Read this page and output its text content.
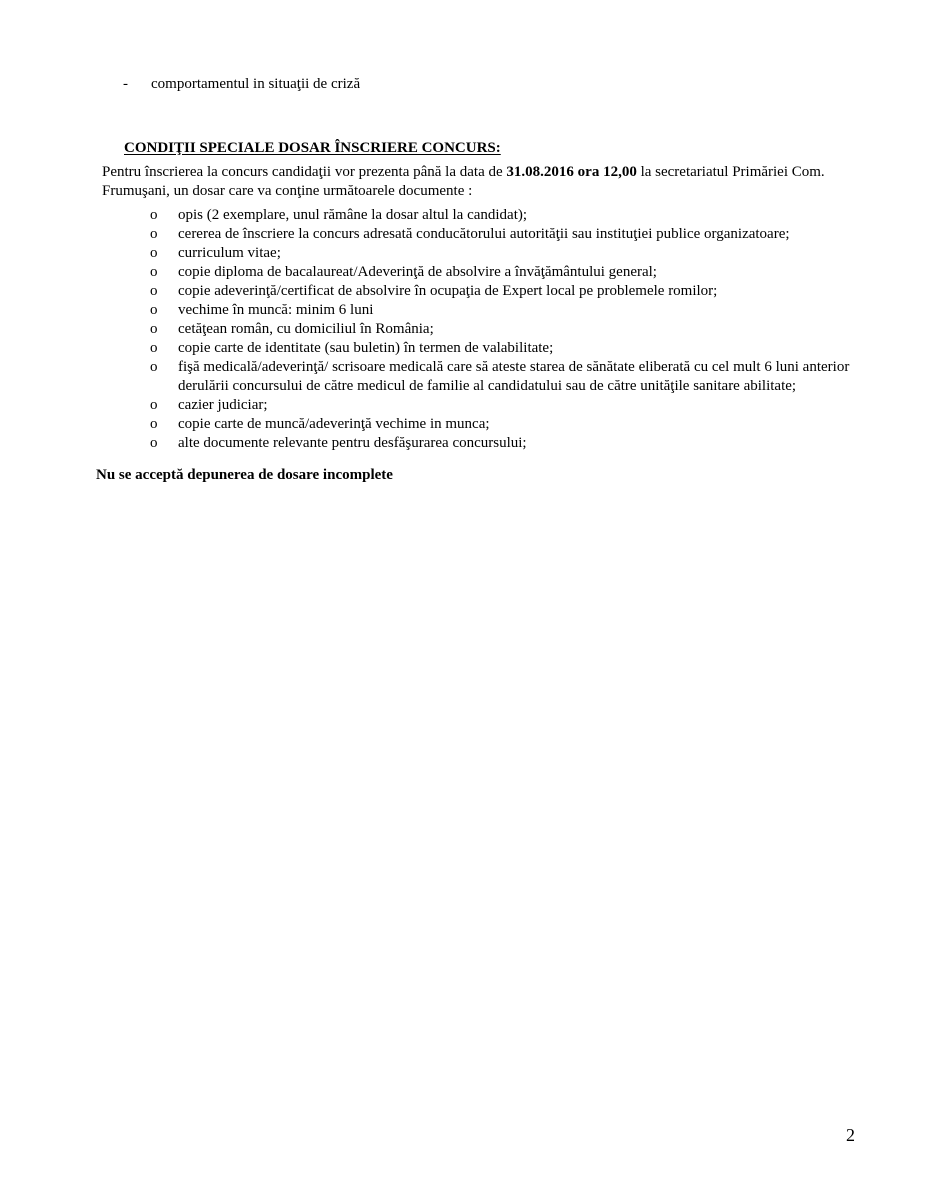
- comportamentul in situaţii de criză
CONDIŢII SPECIALE DOSAR ÎNSCRIERE CONCURS:
Pentru înscrierea la concurs candidaţii vor prezenta până la data de 31.08.2016 ora 12,00 la secretariatul Primăriei Com. Frumuşani, un dosar care va conţine următoarele documente :
o opis (2 exemplare, unul rămâne la dosar altul la candidat);
o cererea de înscriere la concurs adresată conducătorului autorităţii sau instituţiei publice organizatoare;
o curriculum vitae;
o copie diploma de bacalaureat/Adeverinţă de absolvire a învăţământului general;
o copie adeverinţă/certificat de absolvire în ocupaţia de Expert local pe problemele romilor;
o vechime în muncă: minim 6 luni
o cetăţean român, cu domiciliul în România;
o copie carte de identitate (sau buletin) în termen de valabilitate;
o fişă medicală/adeverinţă/ scrisoare medicală care să ateste starea de sănătate eliberată cu cel mult 6 luni anterior derulării concursului de către medicul de familie al candidatului sau de către unităţile sanitare abilitate;
o cazier judiciar;
o copie carte de muncă/adeverinţă vechime in munca;
o alte documente relevante pentru desfăşurarea concursului;
Nu se acceptă depunerea de dosare incomplete
2
